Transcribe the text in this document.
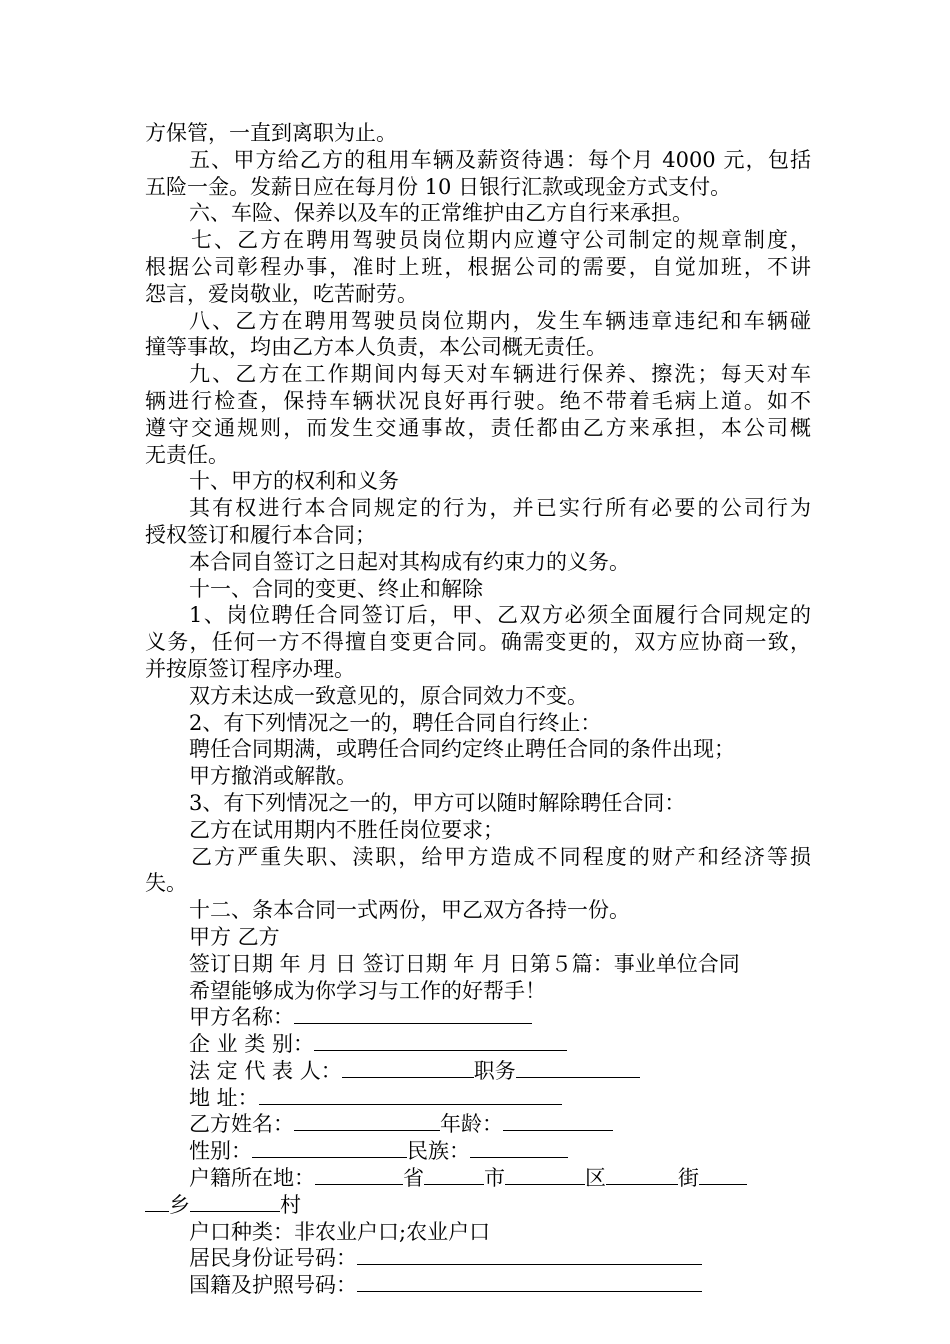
方保管，一直到离职为止。
五、甲方给乙方的租用车辆及薪资待遇：每个月 4000 元，包括
五险一金。发薪日应在每月份 10 日银行汇款或现金方式支付。
六、车险、保养以及车的正常维护由乙方自行来承担。
七、乙方在聘用驾驶员岗位期内应遵守公司制定的规章制度，
根据公司彰程办事，准时上班，根据公司的需要，自觉加班，不讲
怨言，爱岗敬业，吃苦耐劳。
八、乙方在聘用驾驶员岗位期内，发生车辆违章违纪和车辆碰
撞等事故，均由乙方本人负责，本公司概无责任。
九、乙方在工作期间内每天对车辆进行保养、擦洗；每天对车
辆进行检查，保持车辆状况良好再行驶。绝不带着毛病上道。如不
遵守交通规则，而发生交通事故，责任都由乙方来承担，本公司概
无责任。
十、甲方的权利和义务
其有权进行本合同规定的行为，并已实行所有必要的公司行为
授权签订和履行本合同；
本合同自签订之日起对其构成有约束力的义务。
十一、合同的变更、终止和解除
1、岗位聘任合同签订后，甲、乙双方必须全面履行合同规定的
义务，任何一方不得擅自变更合同。确需变更的，双方应协商一致，
并按原签订程序办理。
双方未达成一致意见的，原合同效力不变。
2、有下列情况之一的，聘任合同自行终止：
聘任合同期满，或聘任合同约定终止聘任合同的条件出现；
甲方撤消或解散。
3、有下列情况之一的，甲方可以随时解除聘任合同：
乙方在试用期内不胜任岗位要求；
乙方严重失职、渎职，给甲方造成不同程度的财产和经济等损
失。
十二、条本合同一式两份，甲乙双方各持一份。
甲方 乙方
签订日期 年 月 日 签订日期 年 月 日第５篇：事业单位合同
希望能够成为你学习与工作的好帮手！
甲方名称：
企 业 类 别：
法 定 代 表 人：	职务
地 址：
乙方姓名：	年龄：
性别：	民族：
户籍所在地：	省	市	区	街
乡	村
户口种类：非农业户口;农业户口
居民身份证号码：
国籍及护照号码：
